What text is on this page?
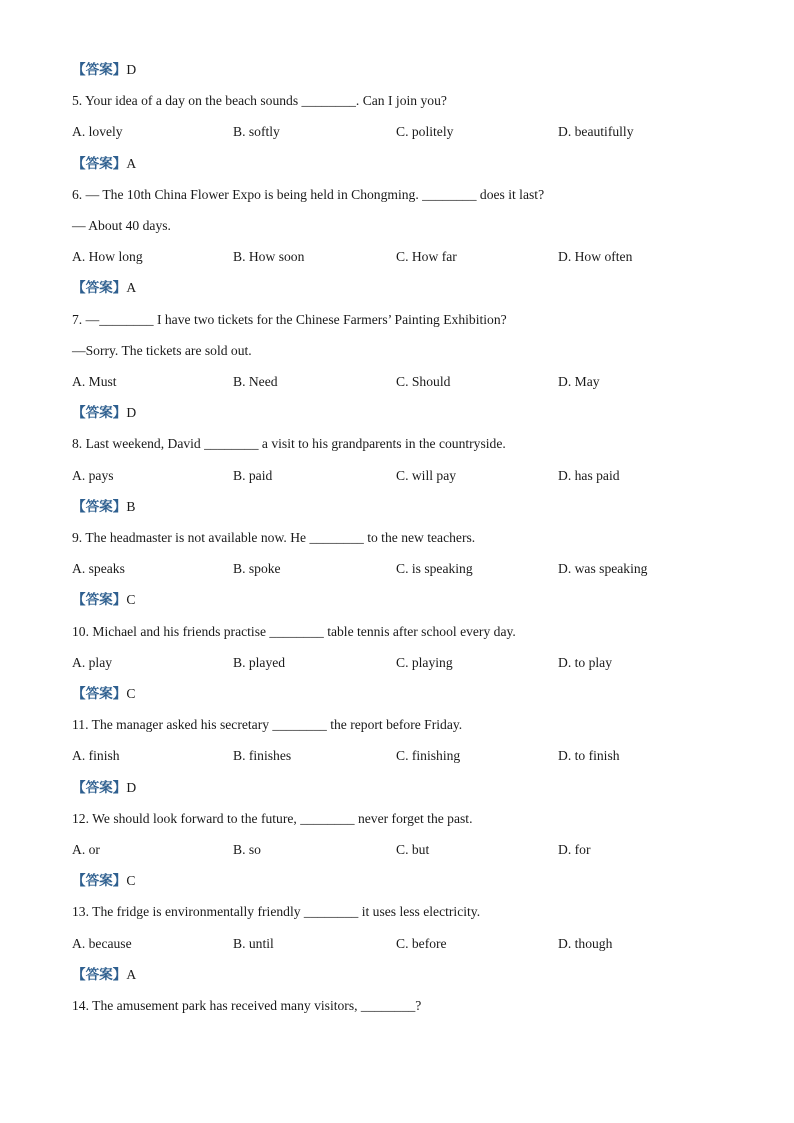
【答案】D
5. Your idea of a day on the beach sounds ________. Can I join you?
A. lovely	B. softly	C. politely	D. beautifully
【答案】A
6. — The 10th China Flower Expo is being held in Chongming. ________ does it last?
— About 40 days.
A. How long	B. How soon	C. How far	D. How often
【答案】A
7. —________ I have two tickets for the Chinese Farmers’ Painting Exhibition?
—Sorry. The tickets are sold out.
A. Must	B. Need	C. Should	D. May
【答案】D
8. Last weekend, David ________ a visit to his grandparents in the countryside.
A. pays	B. paid	C. will pay	D. has paid
【答案】B
9. The headmaster is not available now. He ________ to the new teachers.
A. speaks	B. spoke	C. is speaking	D. was speaking
【答案】C
10. Michael and his friends practise ________ table tennis after school every day.
A. play	B. played	C. playing	D. to play
【答案】C
11. The manager asked his secretary ________ the report before Friday.
A. finish	B. finishes	C. finishing	D. to finish
【答案】D
12. We should look forward to the future, ________ never forget the past.
A. or	B. so	C. but	D. for
【答案】C
13. The fridge is environmentally friendly ________ it uses less electricity.
A. because	B. until	C. before	D. though
【答案】A
14. The amusement park has received many visitors, ________?
